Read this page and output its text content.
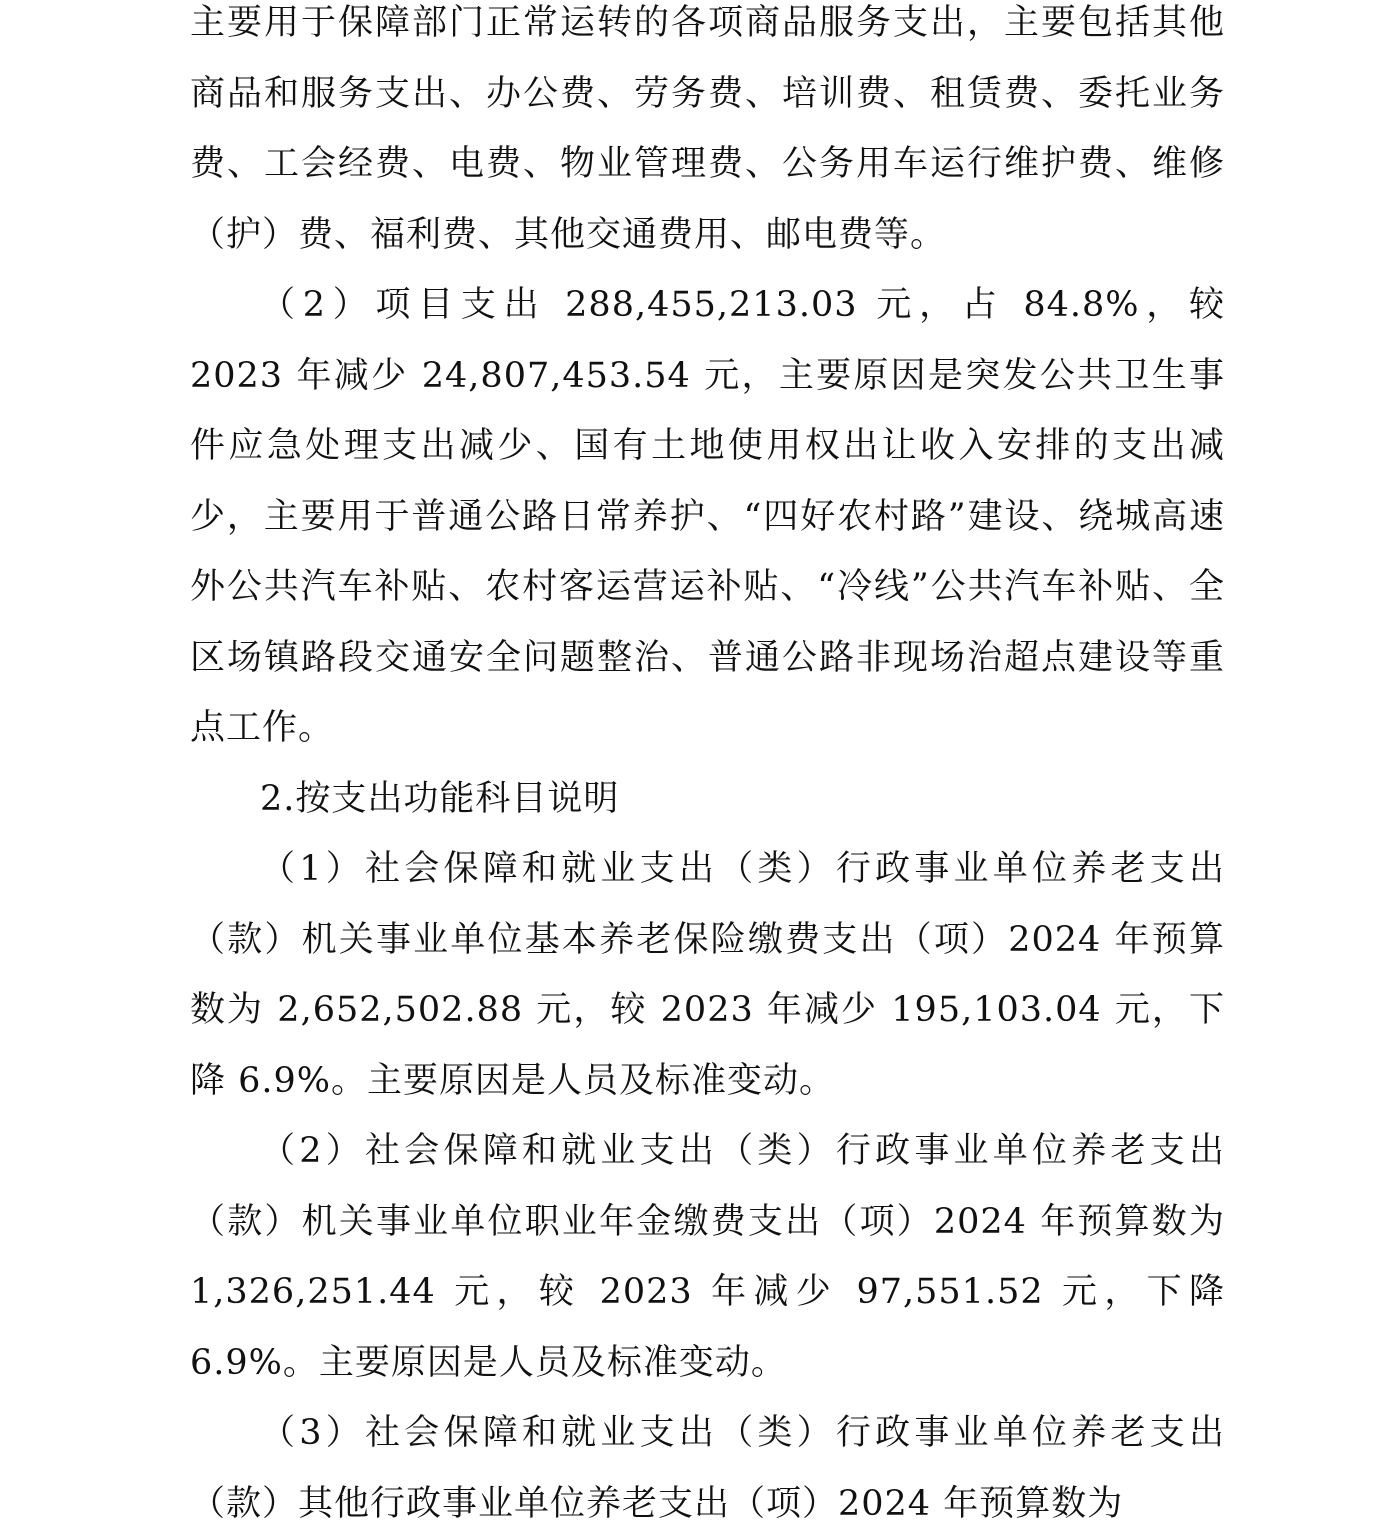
主要用于保障部门正常运转的各项商品服务支出，主要包括其他商品和服务支出、办公费、劳务费、培训费、租赁费、委托业务费、工会经费、电费、物业管理费、公务用车运行维护费、维修（护）费、福利费、其他交通费用、邮电费等。

（2）项目支出 288,455,213.03 元，占 84.8%，较 2023 年减少 24,807,453.54 元，主要原因是突发公共卫生事件应急处理支出减少、国有土地使用权出让收入安排的支出减少，主要用于普通公路日常养护、“四好农村路”建设、绕城高速外公共汽车补贴、农村客运营运补贴、“冷线”公共汽车补贴、全区场镇路段交通安全问题整治、普通公路非现场治超点建设等重点工作。

2.按支出功能科目说明

（1）社会保障和就业支出（类）行政事业单位养老支出（款）机关事业单位基本养老保险缴费支出（项）2024 年预算数为 2,652,502.88 元，较 2023 年减少 195,103.04 元，下降 6.9%。主要原因是人员及标准变动。

（2）社会保障和就业支出（类）行政事业单位养老支出（款）机关事业单位职业年金缴费支出（项）2024 年预算数为 1,326,251.44 元，较 2023 年减少 97,551.52 元，下降 6.9%。主要原因是人员及标准变动。

（3）社会保障和就业支出（类）行政事业单位养老支出（款）其他行政事业单位养老支出（项）2024 年预算数为
